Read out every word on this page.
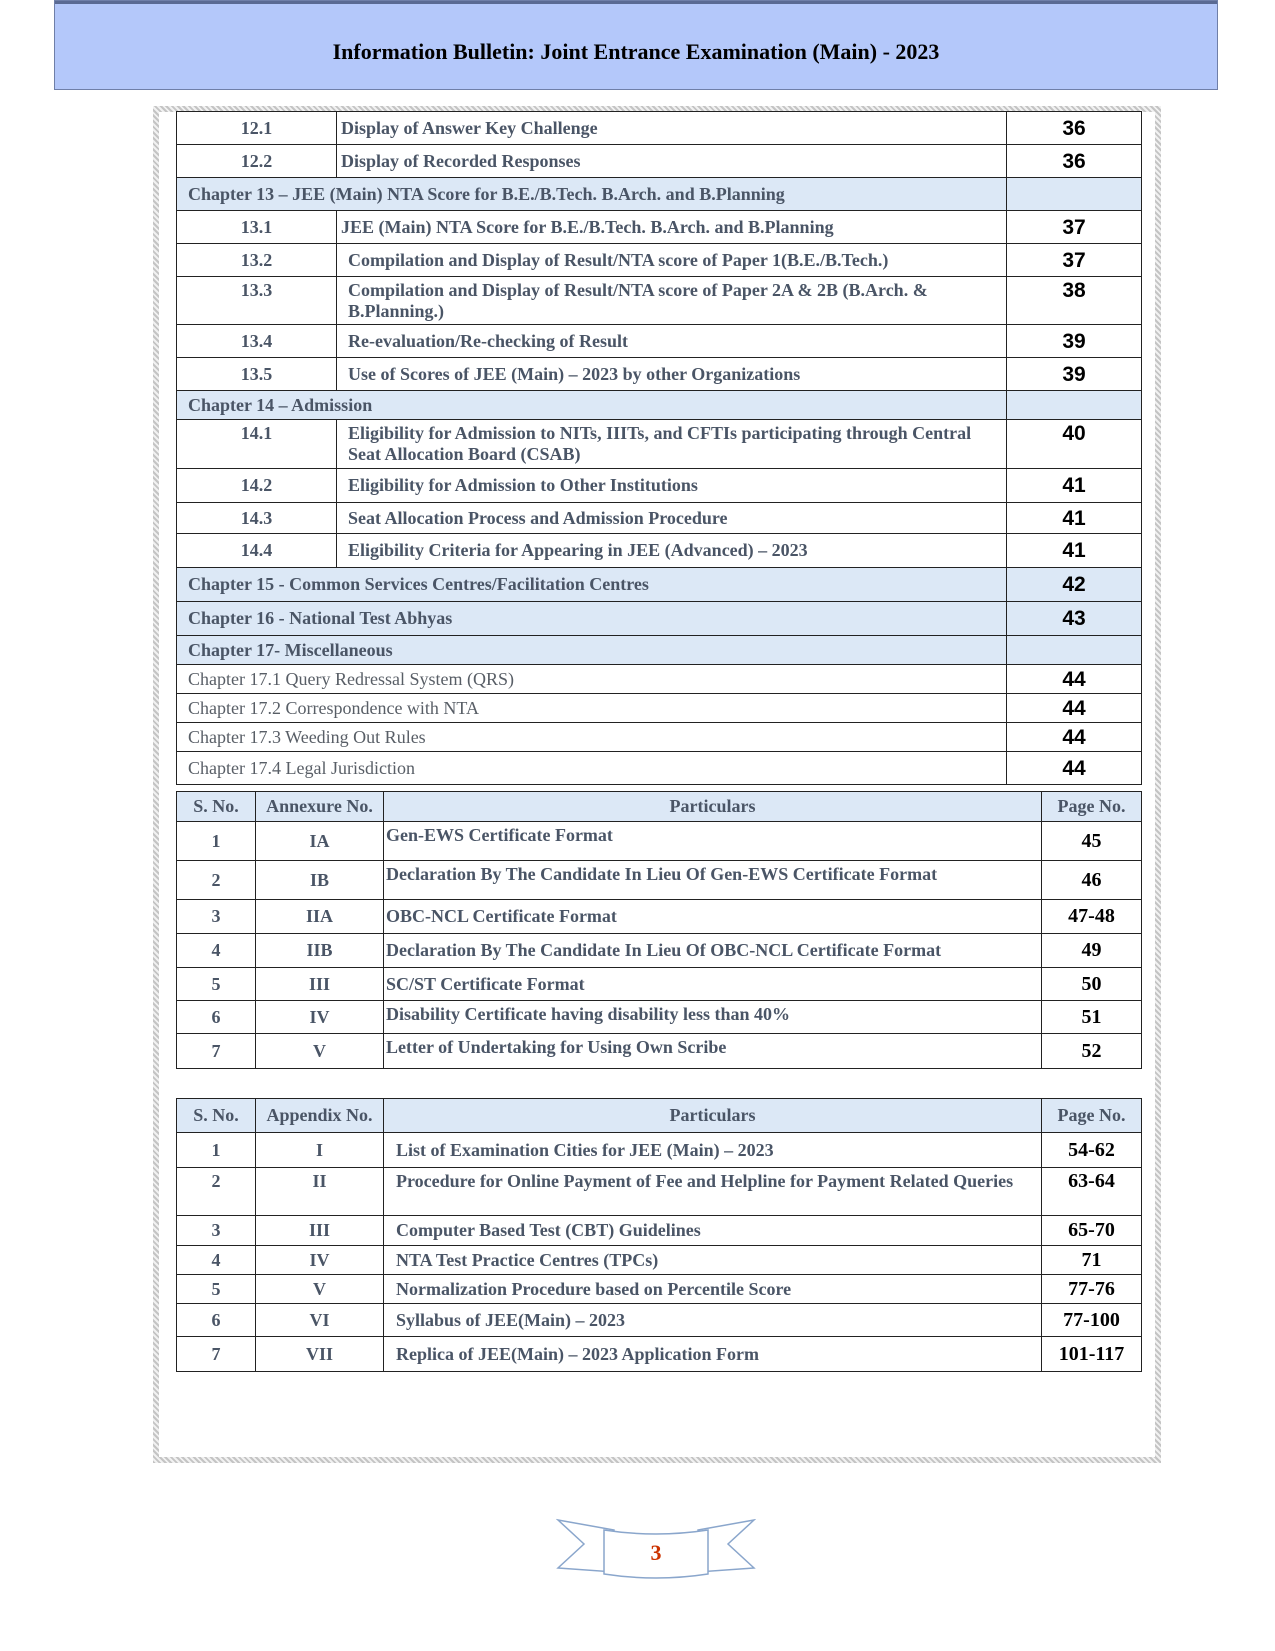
Information Bulletin: Joint Entrance Examination (Main) - 2023
12.1	Display of Answer Key Challenge	36
12.2	Display of Recorded Responses	36
Chapter 13 – JEE (Main) NTA Score for B.E./B.Tech. B.Arch. and B.Planning		
13.1	JEE (Main) NTA Score for B.E./B.Tech. B.Arch. and B.Planning	37
13.2	Compilation and Display of Result/NTA score of Paper 1(B.E./B.Tech.)	37
13.3	Compilation and Display of Result/NTA score of Paper 2A & 2B (B.Arch. & B.Planning.)	38
13.4	Re-evaluation/Re-checking of Result	39
13.5	Use of Scores of JEE (Main) – 2023 by other Organizations	39
Chapter 14 – Admission		
14.1	Eligibility for Admission to NITs, IIITs, and CFTIs participating through Central Seat Allocation Board (CSAB)	40
14.2	Eligibility for Admission to Other Institutions	41
14.3	Seat Allocation Process and Admission Procedure	41
14.4	Eligibility Criteria for Appearing in JEE (Advanced) – 2023	41
Chapter 15 - Common Services Centres/Facilitation Centres		42
Chapter 16 - National Test Abhyas		43
Chapter 17- Miscellaneous		
Chapter 17.1 Query Redressal System (QRS)		44
Chapter 17.2 Correspondence with NTA		44
Chapter 17.3 Weeding Out Rules		44
Chapter 17.4 Legal Jurisdiction		44
S. No.	Annexure No.	Particulars	Page No.
1	IA	Gen-EWS Certificate Format	45
2	IB	Declaration By The Candidate In Lieu Of Gen-EWS Certificate Format	46
3	IIA	OBC-NCL Certificate Format	47-48
4	IIB	Declaration By The Candidate In Lieu Of OBC-NCL Certificate Format	49
5	III	SC/ST Certificate Format	50
6	IV	Disability Certificate having disability less than 40%	51
7	V	Letter of Undertaking for Using Own Scribe	52
S. No.	Appendix No.	Particulars	Page No.
1	I	List of Examination Cities for JEE (Main) – 2023	54-62
2	II	Procedure for Online Payment of Fee and Helpline for Payment Related Queries	63-64
3	III	Computer Based Test (CBT) Guidelines	65-70
4	IV	NTA Test Practice Centres (TPCs)	71
5	V	Normalization Procedure based on Percentile Score	77-76
6	VI	Syllabus of JEE(Main) – 2023	77-100
7	VII	Replica of JEE(Main) – 2023 Application Form	101-117
3
